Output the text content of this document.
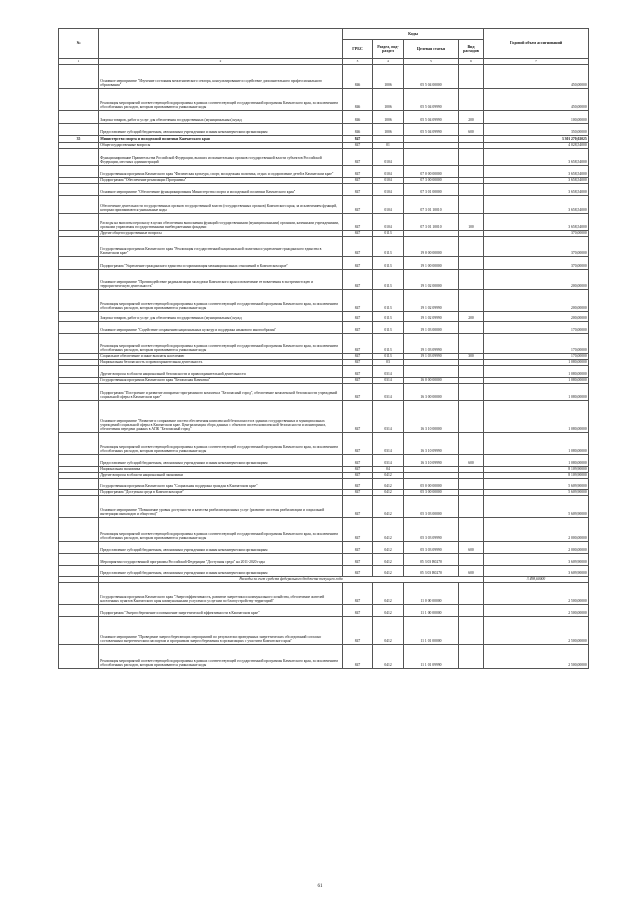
№		Коды				Годовой объем ассигнований
		ГРБС	Раздел, под-раздел	Целевая статья	Вид расходов	
1	2	3	4	5	6	7
	Основное мероприятие "Изучение состояния межэтнического сектора, консультирование и содействие дополнительного профессионального образования"	846	1006	05 5 04 00000		450,00000
	Реализация мероприятий соответствующей подпрограммы в рамках соответствующей государственной программы Камчатского края, за исключением обособленных расходов, которым присваиваются уникальные коды	846	1006	05 5 04 09990		450,00000
	Закупка товаров, работ и услуг для обеспечения государственных (муниципальных) нужд	846	1006	05 5 04 09990	200	100,00000
	Предоставление субсидий бюджетным, автономным учреждениям и иным некоммерческим организациям	846	1006	05 5 04 09990	600	350,00000
35	Министерство спорта и молодежной политики Камчатского края	847				3 301 270,02025
	Общегосударственные вопросы	847	01			4 028,54000
	Функционирование Правительства Российской Федерации, высших исполнительных органов государственной власти субъектов Российской Федерации, местных администраций	847	0104			3 658,54000
	Государственная программа Камчатского края "Физическая культура, спорт, молодежная политика, отдых и оздоровление детей в Камчатском крае"	847	0104	07 0 00 00000		3 658,54000
	Подпрограмма "Обеспечение реализации Программы"	847	0104	07 3 00 00000		3 658,54000
	Основное мероприятие "Обеспечение функционирования Министерства спорта и молодежной политики Камчатского края"	847	0104	07 3 01 00000		3 658,54000
	Обеспечение деятельности государственных органов государственной власти (государственных органов) Камчатского края, за исключением функций, которым присваиваются уникальные коды	847	0104	07 3 01 10010		3 658,54000
	Расходы на выплаты персоналу в целях обеспечения выполнения функций государственными (муниципальными) органами, казенными учреждениями, органами управления государственными внебюджетными фондами	847	0104	07 3 01 10010	100	3 658,54000
	Другие общегосударственные вопросы	847	0113			370,00000
	Государственная программа Камчатского края "Реализация государственной национальной политики и укрепление гражданского единства в Камчатском крае"	847	0113	19 0 00 00000		370,00000
	Подпрограмма "Укрепление гражданского единства и гармонизация межнациональных отношений в Камчатском крае"	847	0113	19 1 00 00000		370,00000
	Основное мероприятие "Противодействие радикализации молодежи Камчатского края и вовлечение ее вовлечения в экстремистскую и террористическую деятельность"	847	0113	19 1 02 00000		200,00000
	Реализация мероприятий соответствующей подпрограммы в рамках соответствующей государственной программы Камчатского края, за исключением обособленных расходов, которым присваиваются уникальные коды	847	0113	19 1 02 09990		200,00000
	Закупка товаров, работ и услуг для обеспечения государственных (муниципальных) нужд	847	0113	19 1 02 09990	200	200,00000
	Основное мероприятие "Содействие сохранению национальных культур и поддержка языкового многообразия"	847	0113	19 1 03 00000		170,00000
	Реализация мероприятий соответствующей подпрограммы в рамках соответствующей государственной программы Камчатского края, за исключением обособленных расходов, которым присваиваются уникальные коды	847	0113	19 1 03 09990		170,00000
	Социальное обеспечение и иные выплаты населению	847	0113	19 1 03 09990	300	170,00000
	Национальная безопасность и правоохранительная деятельность	847	03			1 080,00000
	Другие вопросы в области национальной безопасности и правоохранительной деятельности	847	0314			1 080,00000
	Государственная программа Камчатского края "Безопасная Камчатка"	847	0314	16 0 00 00000		1 080,00000
	Подпрограмма "Построение и развитие аппаратно-программного комплекса "Безопасный город", обеспечение комплексной безопасности учреждений социальной сферы в Камчатском крае"	847	0314	16 3 00 00000		1 080,00000
	Основное мероприятие "Развитие и сопряжение систем обеспечения комплексной безопасности в зданиях государственных и муниципальных учреждений социальной сферы в Камчатском крае. Централизация сбора данных с объектов систем комплексной безопасности и мониторинга, обеспечения передачи данных в АПК "Безопасный город"	847	0314	16 3 10 00000		1 080,00000
	Реализация мероприятий соответствующей подпрограммы в рамках соответствующей государственной программы Камчатского края, за исключением обособленных расходов, которым присваиваются уникальные коды	847	0314	16 3 10 09990		1 080,00000
	Предоставление субсидий бюджетным, автономным учреждениям и иным некоммерческим организациям	847	0314	16 3 10 09990	600	1 080,00000
	Национальная экономика	847	04			8 109,90000
	Другие вопросы в области национальной экономики	847	0412			8 109,90000
	Государственная программа Камчатского края "Социальная поддержка граждан в Камчатском крае"	847	0412	05 0 00 00000		5 609,90000
	Подпрограмма "Доступная среда в Камчатском крае"	847	0412	05 3 00 00000		5 609,90000
	Основное мероприятие "Повышение уровня доступности и качества реабилитационных услуг (развитие системы реабилитации и социальной интеграции инвалидов и общества)"	847	0412	05 3 03 00000		5 609,90000
	Реализация мероприятий соответствующей подпрограммы в рамках соответствующей государственной программы Камчатского края, за исключением обособленных расходов, которым присваиваются уникальные коды	847	0412	05 3 03 09990		2 000,00000
	Предоставление субсидий бюджетным, автономным учреждениям и иным некоммерческим организациям	847	0412	05 3 03 09990	600	2 000,00000
	Мероприятия государственной программы Российской Федерации "Доступная среда" на 2011-2020 годы	847	0412	05 3 03 R0270		3 609,90000
	Предоставление субсидий бюджетным, автономным учреждениям и иным некоммерческим организациям	847	0412	05 3 03 R0270	600	3 609,90000
	Расходы за счет средств федерального бюджета текущего года					3 498,60000
	Государственная программа Камчатского края "Энергоэффективность, развитие энергетики и коммунального хозяйства, обеспечение жителей населенных пунктов Камчатского края коммунальными услугами и услугами по благоустройству территорий"	847	0412	11 0 00 00000		2 500,00000
	Подпрограмма "Энергосбережение и повышение энергетической эффективности в Камчатском крае"	847	0412	11 1 00 00000		2 500,00000
	Основное мероприятие "Проведение энергосберегающих мероприятий по результатам проведенных энергетических обследований согласно составленным энергетическим паспортам и программам энергосбережения в организациях с участием Камчатского края"	847	0412	11 1 01 00000		2 500,00000
	Реализация мероприятий соответствующей подпрограммы в рамках соответствующей государственной программы Камчатского края, за исключением обособленных расходов, которым присваиваются уникальные коды	847	0412	11 1 01 09990		2 500,00000
61
